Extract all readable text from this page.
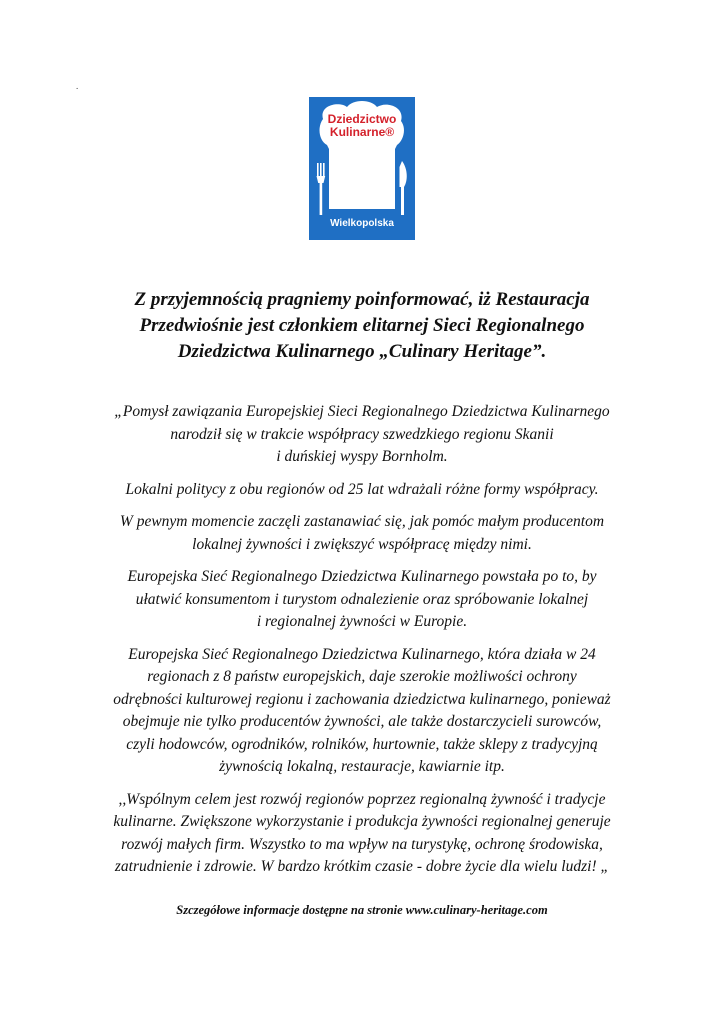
.
Dziedzictwo
Kulinarne®
Wielkopolska
Z przyjemnością pragniemy poinformować, iż Restauracja
Przedwiośnie jest członkiem elitarnej Sieci Regionalnego
Dziedzictwa Kulinarnego „Culinary Heritage”.

„Pomysł zawiązania Europejskiej Sieci Regionalnego Dziedzictwa Kulinarnego
narodził się w trakcie współpracy szwedzkiego regionu Skanii
i duńskiej wyspy Bornholm.

Lokalni politycy z obu regionów od 25 lat wdrażali różne formy współpracy.

W pewnym momencie zaczęli zastanawiać się, jak pomóc małym producentom
lokalnej żywności i zwiększyć współpracę między nimi.

Europejska Sieć Regionalnego Dziedzictwa Kulinarnego powstała po to, by
ułatwić konsumentom i turystom odnalezienie oraz spróbowanie lokalnej
i regionalnej żywności w Europie.

Europejska Sieć Regionalnego Dziedzictwa Kulinarnego, która działa w 24
regionach z 8 państw europejskich, daje szerokie możliwości ochrony
odrębności kulturowej regionu i zachowania dziedzictwa kulinarnego, ponieważ
obejmuje nie tylko producentów żywności, ale także dostarczycieli surowców,
czyli hodowców, ogrodników, rolników, hurtownie, także sklepy z tradycyjną
żywnością lokalną, restauracje, kawiarnie itp.

,,Wspólnym celem jest rozwój regionów poprzez regionalną żywność i tradycje
kulinarne. Zwiększone wykorzystanie i produkcja żywności regionalnej generuje
rozwój małych firm. Wszystko to ma wpływ na turystykę, ochronę środowiska,
zatrudnienie i zdrowie. W bardzo krótkim czasie - dobre życie dla wielu ludzi! „

Szczegółowe informacje dostępne na stronie www.culinary-heritage.com
